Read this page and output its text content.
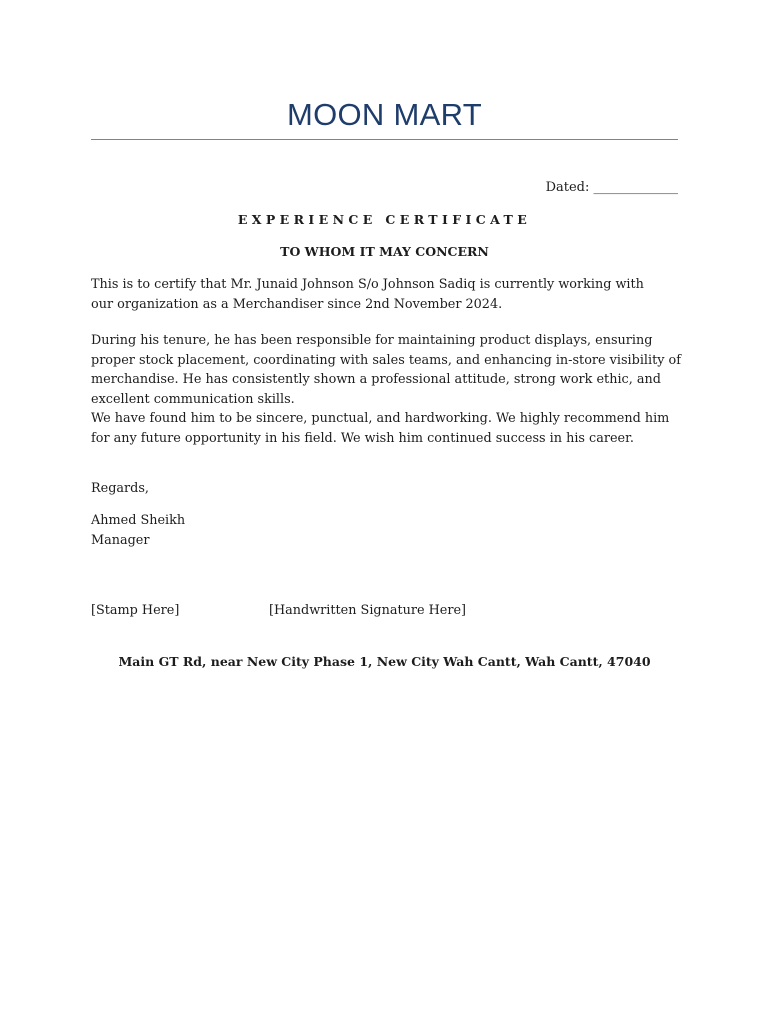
MOON MART
Dated: _____________
EXPERIENCE CERTIFICATE
TO WHOM IT MAY CONCERN

This is to certify that Mr. Junaid Johnson S/o Johnson Sadiq is currently working with our organization as a Merchandiser since 2nd November 2024.

During his tenure, he has been responsible for maintaining product displays, ensuring proper stock placement, coordinating with sales teams, and enhancing in-store visibility of merchandise. He has consistently shown a professional attitude, strong work ethic, and excellent communication skills.

We have found him to be sincere, punctual, and hardworking. We highly recommend him for any future opportunity in his field. We wish him continued success in his career.

Regards,
Ahmed Sheikh
Manager
[Stamp Here]	[Handwritten Signature Here]
Main GT Rd, near New City Phase 1, New City Wah Cantt, Wah Cantt, 47040
